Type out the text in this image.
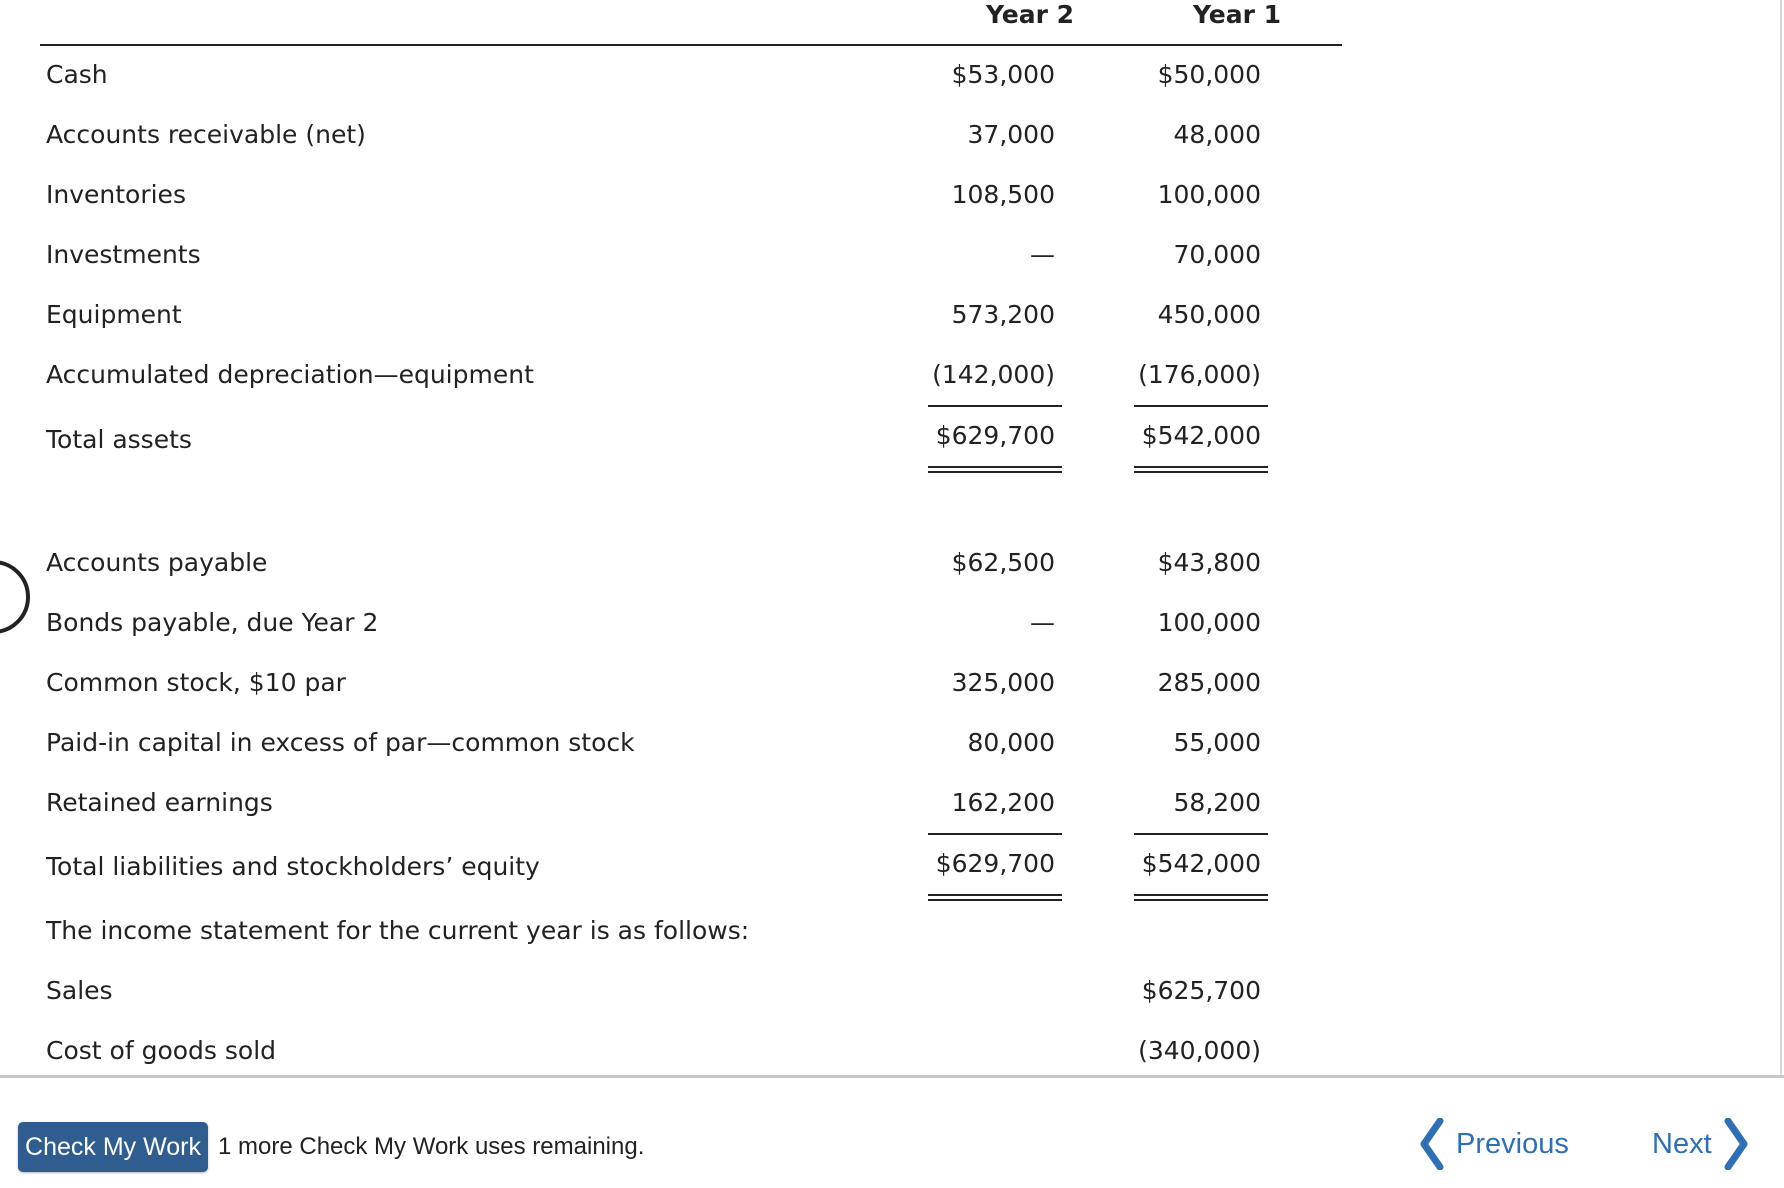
Year 2	Year 1
Cash	$53,000	$50,000
Accounts receivable (net)	37,000	48,000
Inventories	108,500	100,000
Investments	—	70,000
Equipment	573,200	450,000
Accumulated depreciation—equipment	(142,000)	(176,000)
Total assets	$629,700	$542,000
Accounts payable	$62,500	$43,800
Bonds payable, due Year 2	—	100,000
Common stock, $10 par	325,000	285,000
Paid-in capital in excess of par—common stock	80,000	55,000
Retained earnings	162,200	58,200
Total liabilities and stockholders’ equity	$629,700	$542,000
The income statement for the current year is as follows:
Sales	$625,700
Cost of goods sold	(340,000)
Check My Work 1 more Check My Work uses remaining.	Previous	Next
